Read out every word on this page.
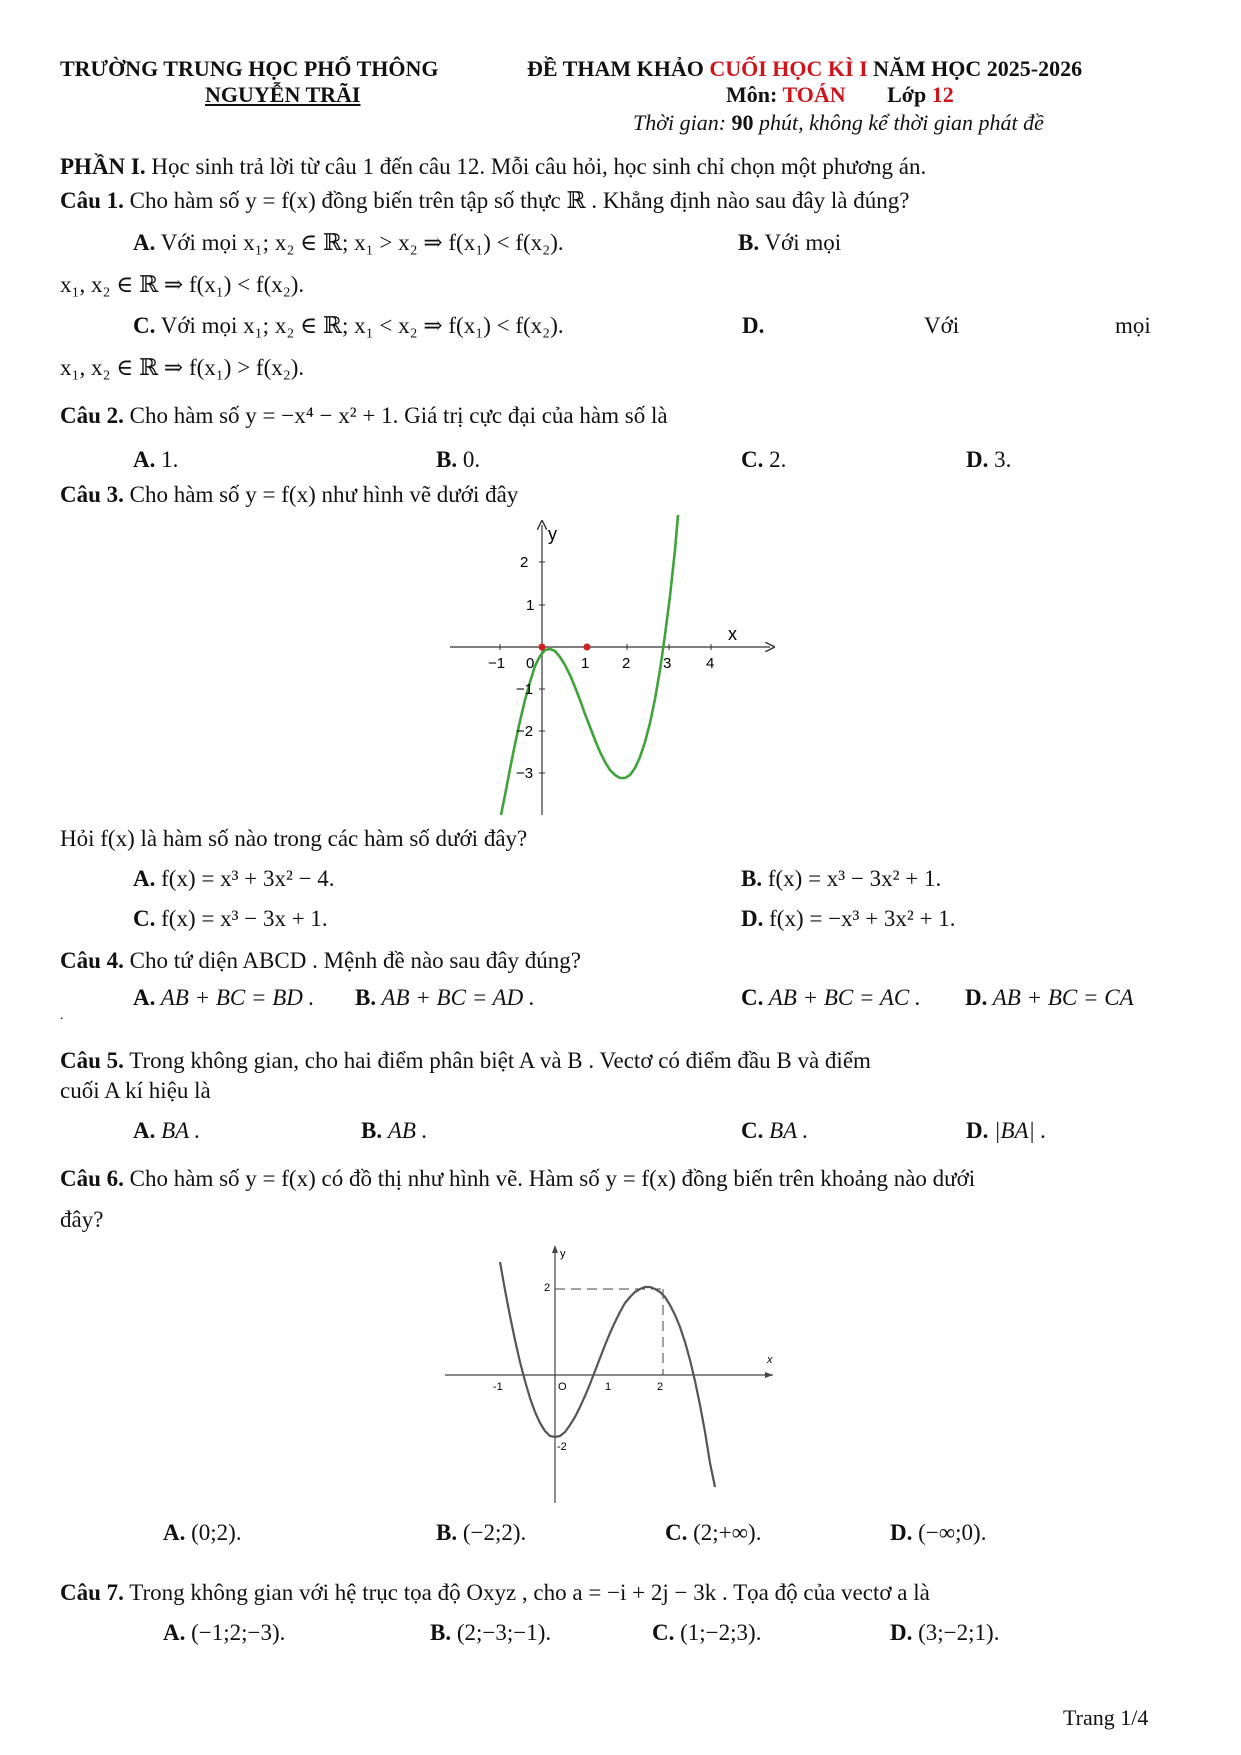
TRƯỜNG TRUNG HỌC PHỔ THÔNG
NGUYỄN TRÃI
ĐỀ THAM KHẢO CUỐI HỌC KÌ I NĂM HỌC 2025-2026
Môn: TOÁN Lớp 12
Thời gian: 90 phút, không kể thời gian phát đề
PHẦN I. Học sinh trả lời từ câu 1 đến câu 12. Mỗi câu hỏi, học sinh chỉ chọn một phương án.
Câu 1. Cho hàm số y = f(x) đồng biến trên tập số thực ℝ . Khẳng định nào sau đây là đúng?
A. Với mọi x₁; x₂ ∈ ℝ; x₁ > x₂ ⇒ f(x₁) < f(x₂).	B. Với mọi
x₁, x₂ ∈ ℝ ⇒ f(x₁) < f(x₂).
C. Với mọi x₁; x₂ ∈ ℝ; x₁ < x₂ ⇒ f(x₁) < f(x₂).	D.	Với	mọi
x₁, x₂ ∈ ℝ ⇒ f(x₁) > f(x₂).
Câu 2. Cho hàm số y = −x⁴ − x² + 1. Giá trị cực đại của hàm số là
A. 1.	B. 0.	C. 2.	D. 3.
Câu 3. Cho hàm số y = f(x) như hình vẽ dưới đây
x
y
−1 0	1 2 3 4
2
1
−1
−2
−3
Hỏi f(x) là hàm số nào trong các hàm số dưới đây?
A. f(x) = x³ + 3x² − 4.	B. f(x) = x³ − 3x² + 1.
C. f(x) = x³ − 3x + 1.	D. f(x) = −x³ + 3x² + 1.
Câu 4. Cho tứ diện ABCD . Mệnh đề nào sau đây đúng?
A. AB + BC = BD . B. AB + BC = AD .	C. AB + BC = AC . D. AB + BC = CA
.
Câu 5. Trong không gian, cho hai điểm phân biệt A và B . Vectơ có điểm đầu B và điểm
cuối A kí hiệu là
A. BA .	B. AB .	C. BA .	D. |BA| .
Câu 6. Cho hàm số y = f(x) có đồ thị như hình vẽ. Hàm số y = f(x) đồng biến trên khoảng nào dưới
đây?
x
y
-1	O	1	2
2
-2
A. (0;2).	B. (−2;2).	C. (2;+∞).	D. (−∞;0).
Câu 7. Trong không gian với hệ trục tọa độ Oxyz , cho a = −i + 2j − 3k . Tọa độ của vectơ a là
A. (−1;2;−3).	B. (2;−3;−1).	C. (1;−2;3).	D. (3;−2;1).
Trang 1/4
